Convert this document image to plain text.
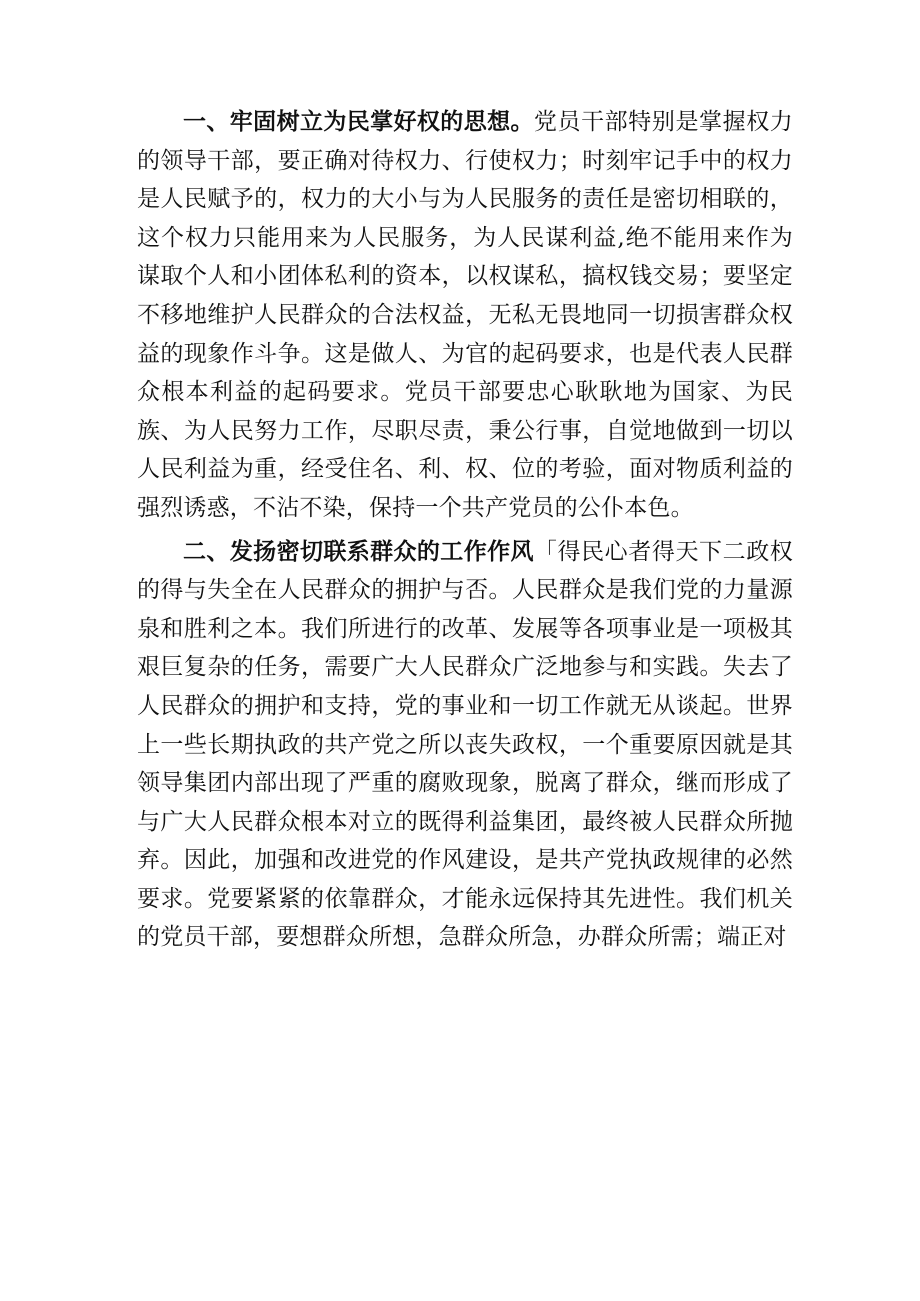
一、牢固树立为民掌好权的思想。党员干部特别是掌握权力的领导干部，要正确对待权力、行使权力；时刻牢记手中的权力是人民赋予的，权力的大小与为人民服务的责任是密切相联的，这个权力只能用来为人民服务，为人民谋利益,绝不能用来作为谋取个人和小团体私利的资本，以权谋私，搞权钱交易；要坚定不移地维护人民群众的合法权益，无私无畏地同一切损害群众权益的现象作斗争。这是做人、为官的起码要求，也是代表人民群众根本利益的起码要求。党员干部要忠心耿耿地为国家、为民族、为人民努力工作，尽职尽责，秉公行事，自觉地做到一切以人民利益为重，经受住名、利、权、位的考验，面对物质利益的强烈诱惑，不沾不染，保持一个共产党员的公仆本色。

二、发扬密切联系群众的工作作风「得民心者得天下二政权的得与失全在人民群众的拥护与否。人民群众是我们党的力量源泉和胜利之本。我们所进行的改革、发展等各项事业是一项极其艰巨复杂的任务，需要广大人民群众广泛地参与和实践。失去了人民群众的拥护和支持，党的事业和一切工作就无从谈起。世界上一些长期执政的共产党之所以丧失政权，一个重要原因就是其领导集团内部出现了严重的腐败现象，脱离了群众，继而形成了与广大人民群众根本对立的既得利益集团，最终被人民群众所抛弃。因此，加强和改进党的作风建设，是共产党执政规律的必然要求。党要紧紧的依靠群众，才能永远保持其先进性。我们机关的党员干部，要想群众所想，急群众所急，办群众所需；端正对
